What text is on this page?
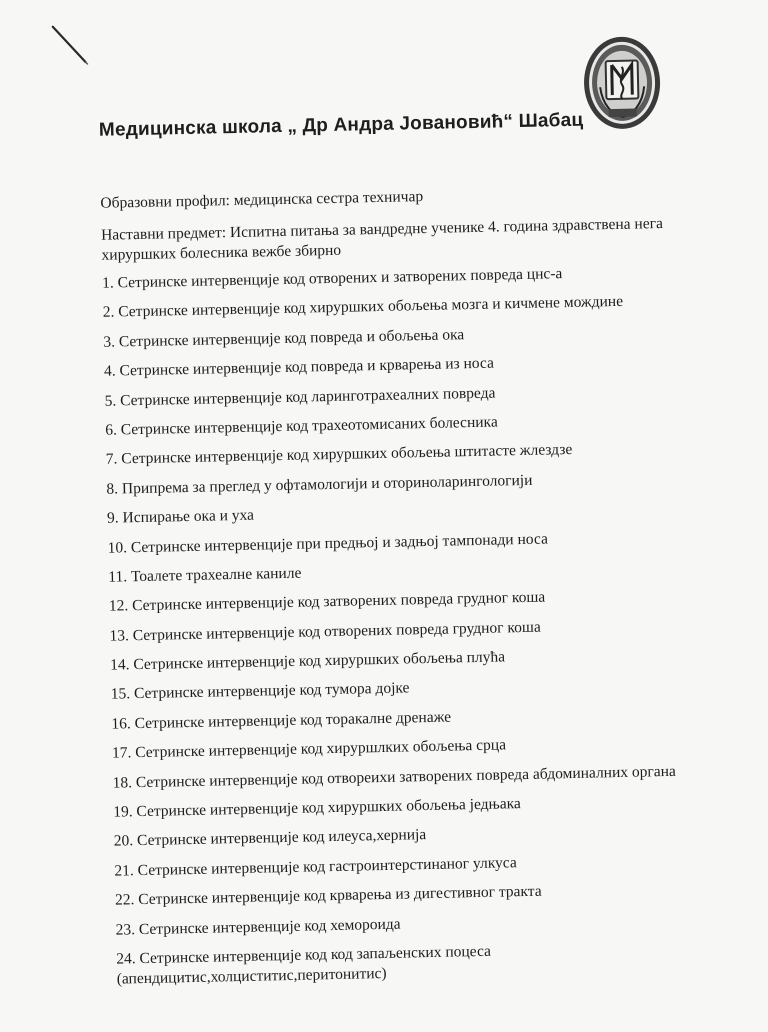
Медицинска школа „ Др Андра Јовановић“ Шабац
Образовни профил: медицинска сестра техничар
Наставни предмет: Испитна питања за вандредне ученике 4. година здравствена нега хируршких болесника вежбе збирно
1. Сетринске интервенције код отворених и затворених повреда цнс-а
2. Сетринске интервенције код хируршких обољења мозга и кичмене мождине
3. Сетринске интервенције код повреда и обољења ока
4. Сетринске интервенције код повреда и крварења из носа
5. Сетринске интервенције код ларинготрахеалних повреда
6. Сетринске интервенције код трахеотомисаних болесника
7. Сетринске интервенције код хируршких обољења штитасте жлездзе
8. Припрема за преглед у офтамологији и оториноларингологији
9. Испирање ока и уха
10. Сетринске интервенције при предњој и задњој тампонади носа
11. Тоалете трахеалне каниле
12. Сетринске интервенције код затворених повреда грудног коша
13. Сетринске интервенције код отворених повреда грудног коша
14. Сетринске интервенције код хируршких обољења плућа
15. Сетринске интервенције код тумора дојке
16. Сетринске интервенције код торакалне дренаже
17. Сетринске интервенције код хируршлких обољења срца
18. Сетринске интервенције код отвореихи затворених повреда абдоминалних органа
19. Сетринске интервенције код хируршких обољења једњака
20. Сетринске интервенције код илеуса,хернија
21. Сетринске интервенције код гастроинтерстинаног улкуса
22. Сетринске интервенције код крварења из дигестивног тракта
23. Сетринске интервенције код хемороида
24. Сетринске интервенције код код запаљенских поцеса
(апендицитис,холциститис,перитонитис)
